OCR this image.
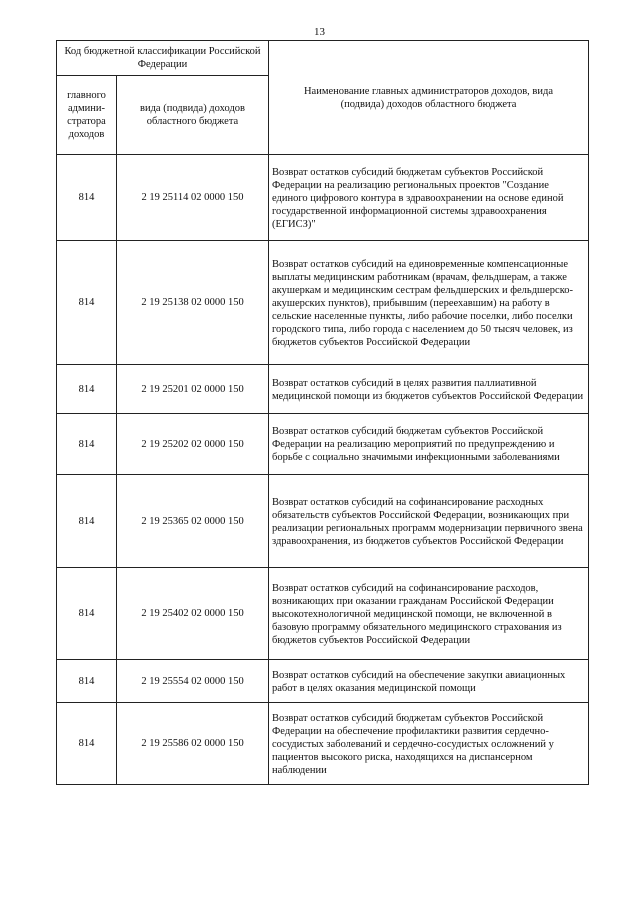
13
Код бюджетной классификации Российской Федерации		Наименование главных администраторов доходов, вида (подвида) доходов областного бюджета
главного админи-стратора доходов	вида (подвида) доходов областного бюджета	
814	2 19 25114 02 0000 150	Возврат остатков субсидий бюджетам субъектов Российской Федерации на реализацию региональных проектов "Создание единого цифрового контура в здравоохранении на основе единой государственной информационной системы здравоохранения (ЕГИСЗ)"
814	2 19 25138 02 0000 150	Возврат остатков субсидий на единовременные компенсационные выплаты медицинским работникам (врачам, фельдшерам, а также акушеркам и медицинским сестрам фельдшерских и фельдшерско-акушерских пунктов), прибывшим (переехавшим) на работу в сельские населенные пункты, либо рабочие поселки, либо поселки городского типа, либо города с населением до 50 тысяч человек, из бюджетов субъектов Российской Федерации
814	2 19 25201 02 0000 150	Возврат остатков субсидий в целях развития паллиативной медицинской помощи из бюджетов субъектов Российской Федерации
814	2 19 25202 02 0000 150	Возврат остатков субсидий бюджетам субъектов Российской Федерации на реализацию мероприятий по предупреждению и борьбе с социально значимыми инфекционными заболеваниями
814	2 19 25365 02 0000 150	Возврат остатков субсидий на софинансирование расходных обязательств субъектов Российской Федерации, возникающих при реализации региональных программ модернизации первичного звена здравоохранения, из бюджетов субъектов Российской Федерации
814	2 19 25402 02 0000 150	Возврат остатков субсидий на софинансирование расходов, возникающих при оказании гражданам Российской Федерации высокотехнологичной медицинской помощи, не включенной в базовую программу обязательного медицинского страхования из бюджетов субъектов Российской Федерации
814	2 19 25554 02 0000 150	Возврат остатков субсидий на обеспечение закупки авиационных работ в целях оказания медицинской помощи
814	2 19 25586 02 0000 150	Возврат остатков субсидий бюджетам субъектов Российской Федерации на обеспечение профилактики развития сердечно-сосудистых заболеваний и сердечно-сосудистых осложнений у пациентов высокого риска, находящихся на диспансерном наблюдении
